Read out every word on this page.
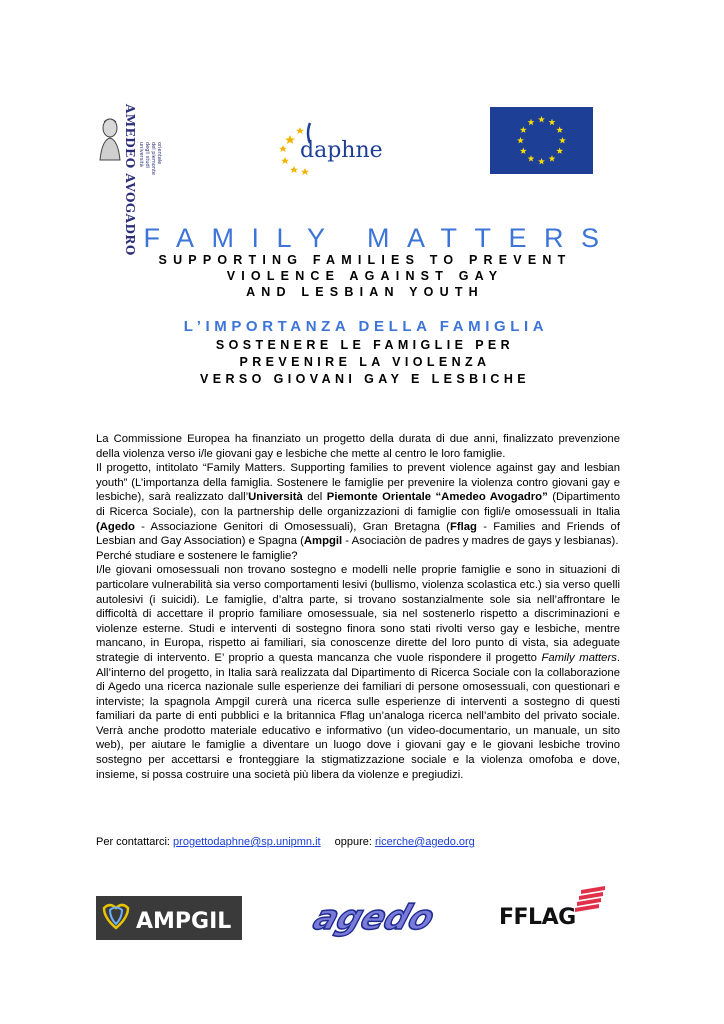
AMEDEO AVOGADRO università degli studi del piemonte orientale	daphne
FAMILY MATTERS
SUPPORTING FAMILIES TO PREVENT
VIOLENCE AGAINST GAY
AND LESBIAN YOUTH
L’IMPORTANZA DELLA FAMIGLIA
SOSTENERE LE FAMIGLIE PER
PREVENIRE LA VIOLENZA
VERSO GIOVANI GAY E LESBICHE

La Commissione Europea ha finanziato un progetto della durata di due anni, finalizzato prevenzione della violenza verso i/le giovani gay e lesbiche che mette al centro le loro famiglie.

Il progetto, intitolato “Family Matters. Supporting families to prevent violence against gay and lesbian youth” (L’importanza della famiglia. Sostenere le famiglie per prevenire la violenza contro giovani gay e lesbiche), sarà realizzato dall’Università del Piemonte Orientale “Amedeo Avogadro” (Dipartimento di Ricerca Sociale), con la partnership delle organizzazioni di famiglie con figli/e omosessuali in Italia (Agedo - Associazione Genitori di Omosessuali), Gran Bretagna (Fflag - Families and Friends of Lesbian and Gay Association) e Spagna (Ampgil - Asociaciòn de padres y madres de gays y lesbianas).

Perché studiare e sostenere le famiglie?

I/le giovani omosessuali non trovano sostegno e modelli nelle proprie famiglie e sono in situazioni di particolare vulnerabilità sia verso comportamenti lesivi (bullismo, violenza scolastica etc.) sia verso quelli autolesivi (i suicidi). Le famiglie, d’altra parte, si trovano sostanzialmente sole sia nell’affrontare le difficoltà di accettare il proprio familiare omosessuale, sia nel sostenerlo rispetto a discriminazioni e violenze esterne. Studi e interventi di sostegno finora sono stati rivolti verso gay e lesbiche, mentre mancano, in Europa, rispetto ai familiari, sia conoscenze dirette del loro punto di vista, sia adeguate strategie di intervento. E’ proprio a questa mancanza che vuole rispondere il progetto Family matters. All’interno del progetto, in Italia sarà realizzata dal Dipartimento di Ricerca Sociale con la collaborazione di Agedo una ricerca nazionale sulle esperienze dei familiari di persone omosessuali, con questionari e interviste; la spagnola Ampgil curerà una ricerca sulle esperienze di interventi a sostegno di questi familiari da parte di enti pubblici e la britannica Fflag un’analoga ricerca nell’ambito del privato sociale. Verrà anche prodotto materiale educativo e informativo (un video-documentario, un manuale, un sito web), per aiutare le famiglie a diventare un luogo dove i giovani gay e le giovani lesbiche trovino sostegno per accettarsi e fronteggiare la stigmatizzazione sociale e la violenza omofoba e dove, insieme, si possa costruire una società più libera da violenze e pregiudizi.

Per contattarci: progettodaphne@sp.unipmn.it oppure: ricerche@agedo.org
AMPGIL agedo	FFLAG
